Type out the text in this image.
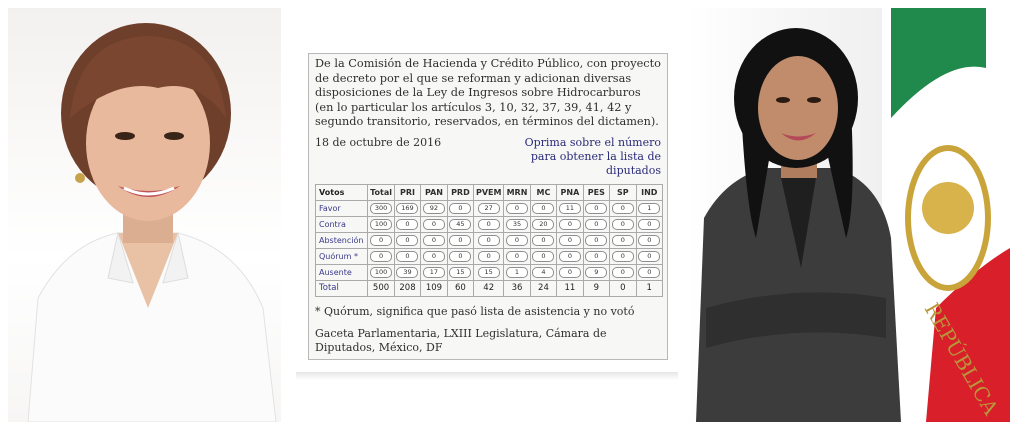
De la Comisión de Hacienda y Crédito Público, con proyecto de decreto por el que se reforman y adicionan diversas disposiciones de la Ley de Ingresos sobre Hidrocarburos (en lo particular los artículos 3, 10, 32, 37, 39, 41, 42 y segundo transitorio, reservados, en términos del dictamen).

18 de octubre de 2016	Oprima sobre el número para obtener la lista de diputados
Votos	Total	PRI	PAN	PRD	PVEM	MRN	MC	PNA	PES	SP	IND
Favor	300	169	92	0	27	0	0	11	0	0	1
Contra	100	0	0	45	0	35	20	0	0	0	0
Abstención	0	0	0	0	0	0	0	0	0	0	0
Quórum *	0	0	0	0	0	0	0	0	0	0	0
Ausente	100	39	17	15	15	1	4	0	9	0	0
Total	500	208	109	60	42	36	24	11	9	0	1
* Quórum, significa que pasó lista de asistencia y no votó
Gaceta Parlamentaria, LXIII Legislatura, Cámara de Diputados, México, DF	REPÚBLICA
